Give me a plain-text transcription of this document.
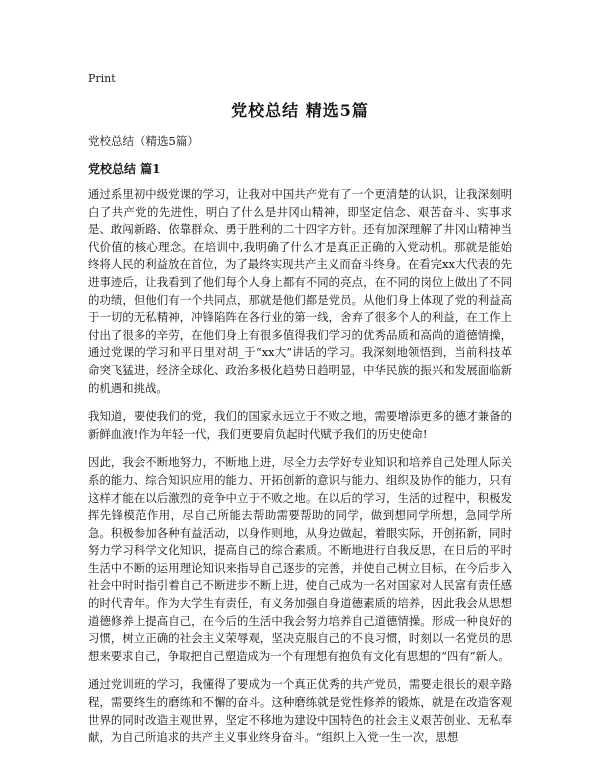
Print
党校总结 精选5篇

党校总结（精选5篇）

党校总结 篇1

通过系里初中级党课的学习，让我对中国共产党有了一个更清楚的认识，让我深刻明白了共产党的先进性，明白了什么是井冈山精神，即坚定信念、艰苦奋斗、实事求是、敢闯新路、依靠群众、勇于胜利的二十四字方针。还有加深理解了井冈山精神当代价值的核心理念。在培训中,我明确了什么才是真正正确的入党动机。那就是能始终将人民的利益放在首位，为了最终实现共产主义而奋斗终身。在看完xx大代表的先进事迹后，让我看到了他们每个人身上都有不同的亮点，在不同的岗位上做出了不同的功绩，但他们有一个共同点，那就是他们都是党员。从他们身上体现了党的利益高于一切的无私精神，冲锋陷阵在各行业的第一线，舍弃了很多个人的利益，在工作上付出了很多的辛劳，在他们身上有很多值得我们学习的优秀品质和高尚的道德情操，通过党课的学习和平日里对胡_于“xx大”讲话的学习。我深刻地领悟到，当前科技革命突飞猛进，经济全球化、政治多极化趋势日趋明显，中华民族的振兴和发展面临新的机遇和挑战。

我知道，要使我们的党，我们的国家永远立于不败之地，需要增添更多的德才兼备的新鲜血液!作为年轻一代，我们更要肩负起时代赋予我们的历史使命!

因此，我会不断地努力，不断地上进，尽全力去学好专业知识和培养自己处理人际关系的能力、综合知识应用的能力、开拓创新的意识与能力、组织及协作的能力，只有这样才能在以后激烈的竞争中立于不败之地。在以后的学习，生活的过程中，积极发挥先锋模范作用，尽自己所能去帮助需要帮助的同学，做到想同学所想，急同学所急。积极参加各种有益活动，以身作则地，从身边做起，着眼实际，开创拓新，同时努力学习科学文化知识，提高自己的综合素质。不断地进行自我反思，在日后的平时生活中不断的运用理论知识来指导自己逐步的完善，并使自己树立目标，在今后步入社会中时时指引着自己不断进步不断上进，使自己成为一名对国家对人民富有责任感的时代青年。作为大学生有责任，有义务加强自身道德素质的培养，因此我会从思想道德修养上提高自己，在今后的生活中我会努力培养自己道德情操。形成一种良好的习惯，树立正确的社会主义荣辱观，坚决克服自己的不良习惯，时刻以一名党员的思想来要求自己，争取把自己塑造成为一个有理想有抱负有文化有思想的“四有”新人。

通过党训班的学习，我懂得了要成为一个真正优秀的共产党员，需要走很长的艰辛路程，需要终生的磨练和不懈的奋斗。这种磨练就是党性修养的锻炼，就是在改造客观世界的同时改造主观世界，坚定不移地为建设中国特色的社会主义艰苦创业、无私奉献，为自己所追求的共产主义事业终身奋斗。“组织上入党一生一次，思想
